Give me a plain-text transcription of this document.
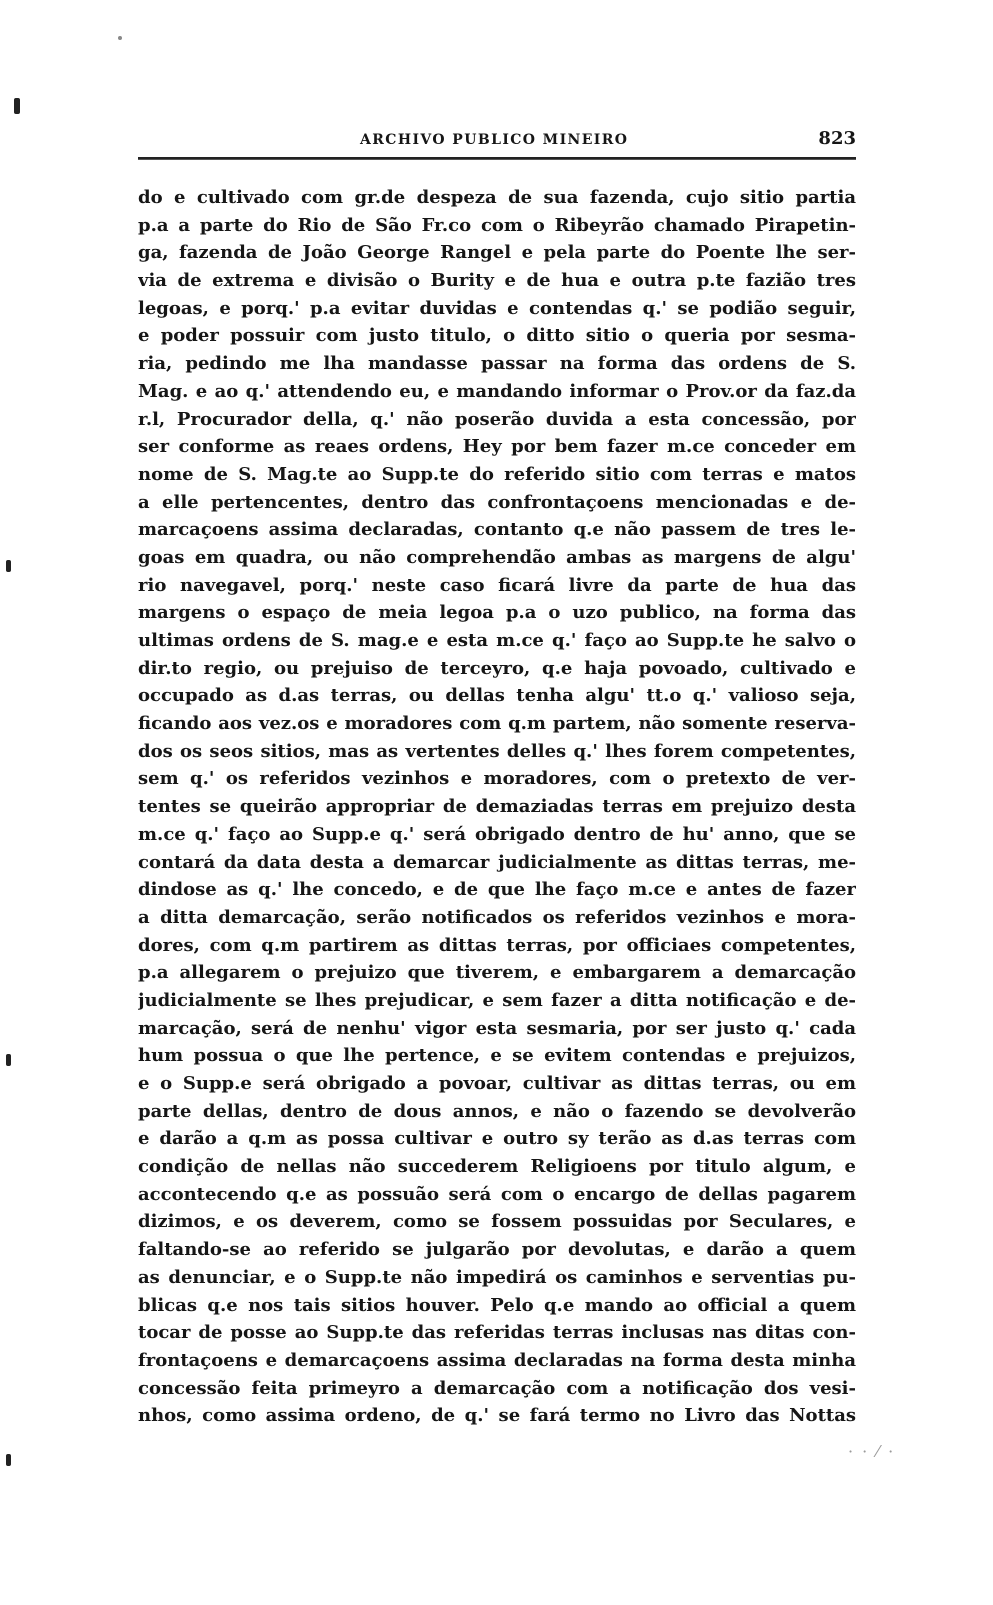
ARCHIVO PUBLICO MINEIRO	823
do e cultivado com gr.de despeza de sua fazenda, cujo sitio partia
p.a a parte do Rio de São Fr.co com o Ribeyrão chamado Pirapetin-
ga, fazenda de João George Rangel e pela parte do Poente lhe ser-
via de extrema e divisão o Burity e de hua e outra p.te fazião tres
legoas, e porq.' p.a evitar duvidas e contendas q.' se podião seguir,
e poder possuir com justo titulo, o ditto sitio o queria por sesma-
ria, pedindo me lha mandasse passar na forma das ordens de S.
Mag. e ao q.' attendendo eu, e mandando informar o Prov.or da faz.da
r.l, Procurador della, q.' não poserão duvida a esta concessão, por
ser conforme as reaes ordens, Hey por bem fazer m.ce conceder em
nome de S. Mag.te ao Supp.te do referido sitio com terras e matos
a elle pertencentes, dentro das confrontaçoens mencionadas e de-
marcaçoens assima declaradas, contanto q.e não passem de tres le-
goas em quadra, ou não comprehendão ambas as margens de algu'
rio navegavel, porq.' neste caso ficará livre da parte de hua das
margens o espaço de meia legoa p.a o uzo publico, na forma das
ultimas ordens de S. mag.e e esta m.ce q.' faço ao Supp.te he salvo o
dir.to regio, ou prejuiso de terceyro, q.e haja povoado, cultivado e
occupado as d.as terras, ou dellas tenha algu' tt.o q.' valioso seja,
ficando aos vez.os e moradores com q.m partem, não somente reserva-
dos os seos sitios, mas as vertentes delles q.' lhes forem competentes,
sem q.' os referidos vezinhos e moradores, com o pretexto de ver-
tentes se queirão appropriar de demaziadas terras em prejuizo desta
m.ce q.' faço ao Supp.e q.' será obrigado dentro de hu' anno, que se
contará da data desta a demarcar judicialmente as dittas terras, me-
dindose as q.' lhe concedo, e de que lhe faço m.ce e antes de fazer
a ditta demarcação, serão notificados os referidos vezinhos e mora-
dores, com q.m partirem as dittas terras, por officiaes competentes,
p.a allegarem o prejuizo que tiverem, e embargarem a demarcação
judicialmente se lhes prejudicar, e sem fazer a ditta notificação e de-
marcação, será de nenhu' vigor esta sesmaria, por ser justo q.' cada
hum possua o que lhe pertence, e se evitem contendas e prejuizos,
e o Supp.e será obrigado a povoar, cultivar as dittas terras, ou em
parte dellas, dentro de dous annos, e não o fazendo se devolverão
e darão a q.m as possa cultivar e outro sy terão as d.as terras com
condição de nellas não succederem Religioens por titulo algum, e
accontecendo q.e as possuão será com o encargo de dellas pagarem
dizimos, e os deverem, como se fossem possuidas por Seculares, e
faltando-se ao referido se julgarão por devolutas, e darão a quem
as denunciar, e o Supp.te não impedirá os caminhos e serventias pu-
blicas q.e nos tais sitios houver. Pelo q.e mando ao official a quem
tocar de posse ao Supp.te das referidas terras inclusas nas ditas con-
frontaçoens e demarcaçoens assima declaradas na forma desta minha
concessão feita primeyro a demarcação com a notificação dos vesi-
nhos, como assima ordeno, de q.' se fará termo no Livro das Nottas
· · ⁄ ·
